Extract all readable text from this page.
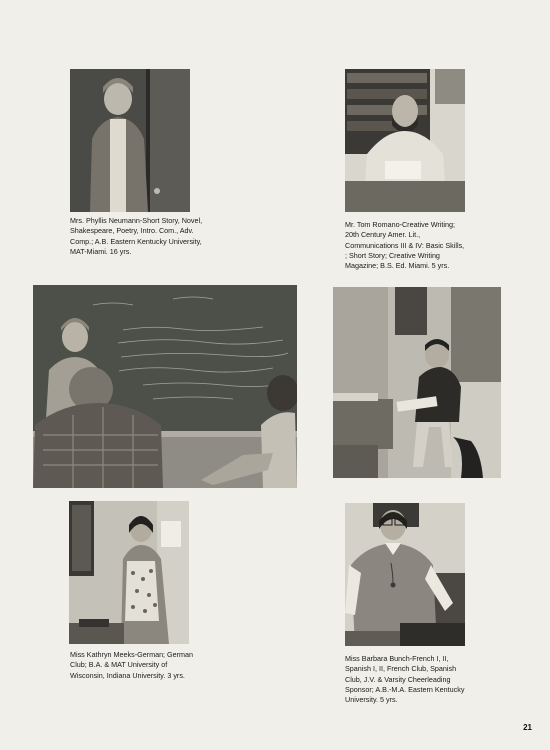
Mrs. Phyllis Neumann-Short Story, Novel, Shakespeare, Poetry, Intro. Com., Adv. Comp.; A.B. Eastern Kentucky University, MAT-Miami. 16 yrs.

Mr. Tom Romano-Creative Writing; 20th Century Amer. Lit., Communications III & IV: Basic Skills, ; Short Story; Creative Writing Magazine; B.S. Ed. Miami. 5 yrs.

Miss Kathryn Meeks-German; German Club; B.A. & MAT University of Wisconsin, Indiana University. 3 yrs.

Miss Barbara Bunch-French I, II, Spanish I, II, French Club, Spanish Club, J.V. & Varsity Cheerleading Sponsor; A.B.-M.A. Eastern Kentucky University. 5 yrs.

21
